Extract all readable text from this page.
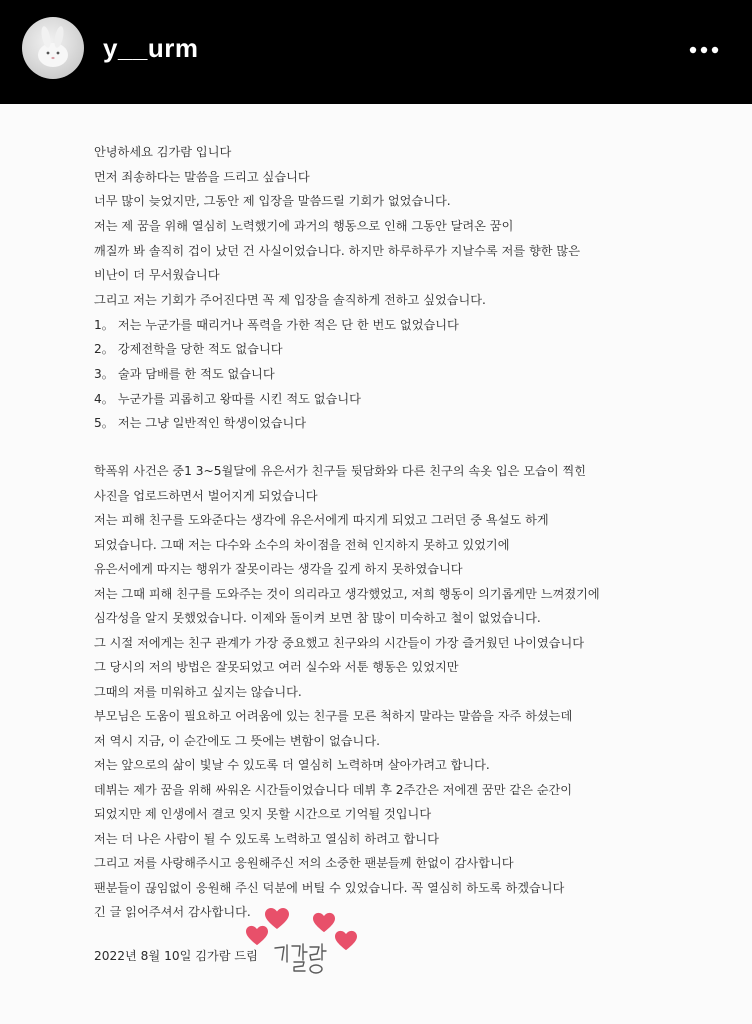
y__urm
안녕하세요 김가람 입니다
먼저 죄송하다는 말씀을 드리고 싶습니다
너무 많이 늦었지만, 그동안 제 입장을 말씀드릴 기회가 없었습니다.
저는 제 꿈을 위해 열심히 노력했기에 과거의 행동으로 인해 그동안 달려온 꿈이
깨질까 봐 솔직히 겁이 났던 건 사실이었습니다. 하지만 하루하루가 지날수록 저를 향한 많은
비난이 더 무서웠습니다
그리고 저는 기회가 주어진다면 꼭 제 입장을 솔직하게 전하고 싶었습니다.
1。 저는 누군가를 때리거나 폭력을 가한 적은 단 한 번도 없었습니다
2。 강제전학을 당한 적도 없습니다
3。 술과 담배를 한 적도 없습니다
4。 누군가를 괴롭히고 왕따를 시킨 적도 없습니다
5。 저는 그냥 일반적인 학생이었습니다
학폭위 사건은 중1 3~5월달에 유은서가 친구들 뒷담화와 다른 친구의 속옷 입은 모습이 찍힌
사진을 업로드하면서 벌어지게 되었습니다
저는 피해 친구를 도와준다는 생각에 유은서에게 따지게 되었고 그러던 중 욕설도 하게
되었습니다. 그때 저는 다수와 소수의 차이점을 전혀 인지하지 못하고 있었기에
유은서에게 따지는 행위가 잘못이라는 생각을 깊게 하지 못하였습니다
저는 그때 피해 친구를 도와주는 것이 의리라고 생각했었고, 저희 행동이 의기롭게만 느껴졌기에
심각성을 알지 못했었습니다. 이제와 돌이켜 보면 참 많이 미숙하고 철이 없었습니다.
그 시절 저에게는 친구 관계가 가장 중요했고 친구와의 시간들이 가장 즐거웠던 나이였습니다
그 당시의 저의 방법은 잘못되었고 여러 실수와 서툰 행동은 있었지만
그때의 저를 미워하고 싶지는 않습니다.
부모님은 도움이 필요하고 어려움에 있는 친구를 모른 척하지 말라는 말씀을 자주 하셨는데
저 역시 지금, 이 순간에도 그 뜻에는 변함이 없습니다.
저는 앞으로의 삶이 빛날 수 있도록 더 열심히 노력하며 살아가려고 합니다.
데뷔는 제가 꿈을 위해 싸워온 시간들이었습니다 데뷔 후 2주간은 저에겐 꿈만 같은 순간이
되었지만 제 인생에서 결코 잊지 못할 시간으로 기억될 것입니다
저는 더 나은 사람이 될 수 있도록 노력하고 열심히 하려고 합니다
그리고 저를 사랑해주시고 응원해주신 저의 소중한 팬분들께 한없이 감사합니다
팬분들이 끊임없이 응원해 주신 덕분에 버틸 수 있었습니다. 꼭 열심히 하도록 하겠습니다
긴 글 읽어주셔서 감사합니다.
2022년 8월 10일 김가람 드림
